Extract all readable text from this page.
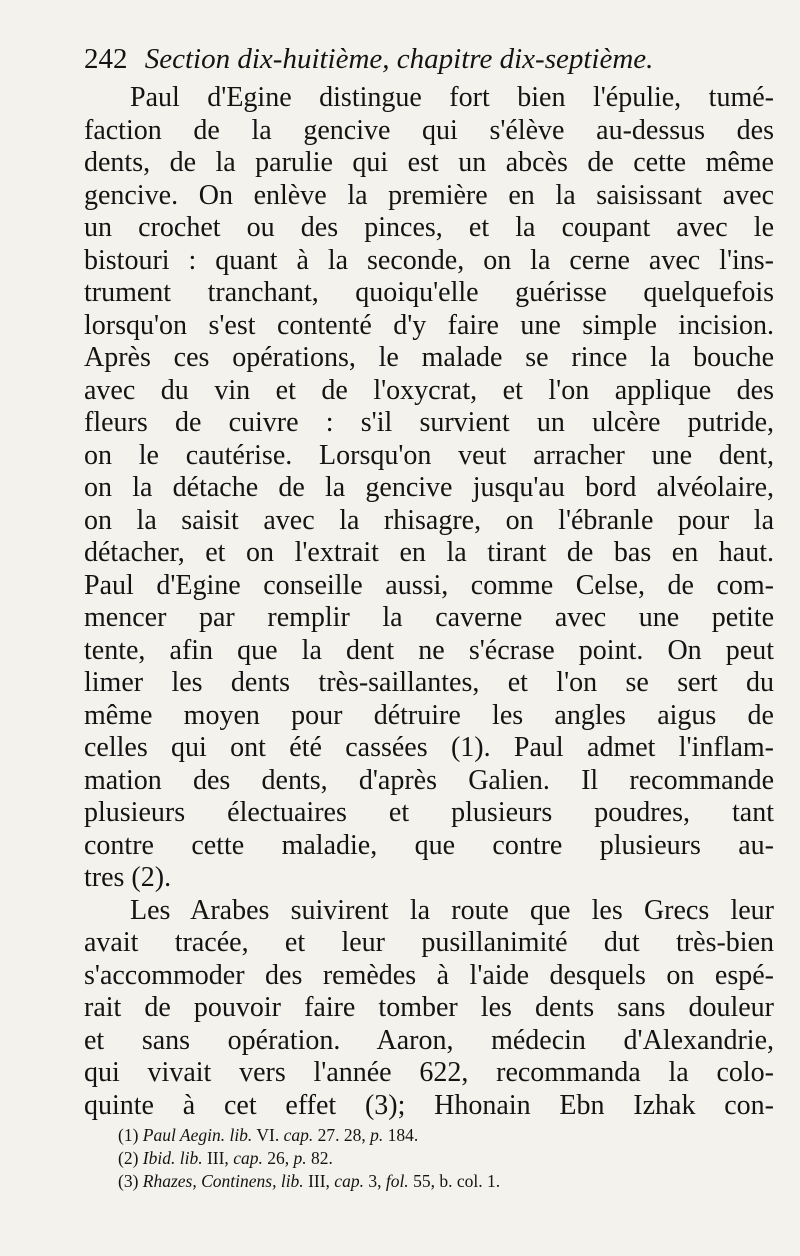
242 Section dix-huitième, chapitre dix-septième.
Paul d'Egine distingue fort bien l'épulie, tumé-
faction de la gencive qui s'élève au-dessus des
dents, de la parulie qui est un abcès de cette même
gencive. On enlève la première en la saisissant avec
un crochet ou des pinces, et la coupant avec le
bistouri : quant à la seconde, on la cerne avec l'ins-
trument tranchant, quoiqu'elle guérisse quelquefois
lorsqu'on s'est contenté d'y faire une simple incision.
Après ces opérations, le malade se rince la bouche
avec du vin et de l'oxycrat, et l'on applique des
fleurs de cuivre : s'il survient un ulcère putride,
on le cautérise. Lorsqu'on veut arracher une dent,
on la détache de la gencive jusqu'au bord alvéolaire,
on la saisit avec la rhisagre, on l'ébranle pour la
détacher, et on l'extrait en la tirant de bas en haut.
Paul d'Egine conseille aussi, comme Celse, de com-
mencer par remplir la caverne avec une petite
tente, afin que la dent ne s'écrase point. On peut
limer les dents très-saillantes, et l'on se sert du
même moyen pour détruire les angles aigus de
celles qui ont été cassées (1). Paul admet l'inflam-
mation des dents, d'après Galien. Il recommande
plusieurs électuaires et plusieurs poudres, tant
contre cette maladie, que contre plusieurs au-
tres (2).
Les Arabes suivirent la route que les Grecs leur
avait tracée, et leur pusillanimité dut très-bien
s'accommoder des remèdes à l'aide desquels on espé-
rait de pouvoir faire tomber les dents sans douleur
et sans opération. Aaron, médecin d'Alexandrie,
qui vivait vers l'année 622, recommanda la colo-
quinte à cet effet (3); Hhonain Ebn Izhak con-
(1) Paul Aegin. lib. VI. cap. 27. 28, p. 184.
(2) Ibid. lib. III, cap. 26, p. 82.
(3) Rhazes, Continens, lib. III, cap. 3, fol. 55, b. col. 1.
